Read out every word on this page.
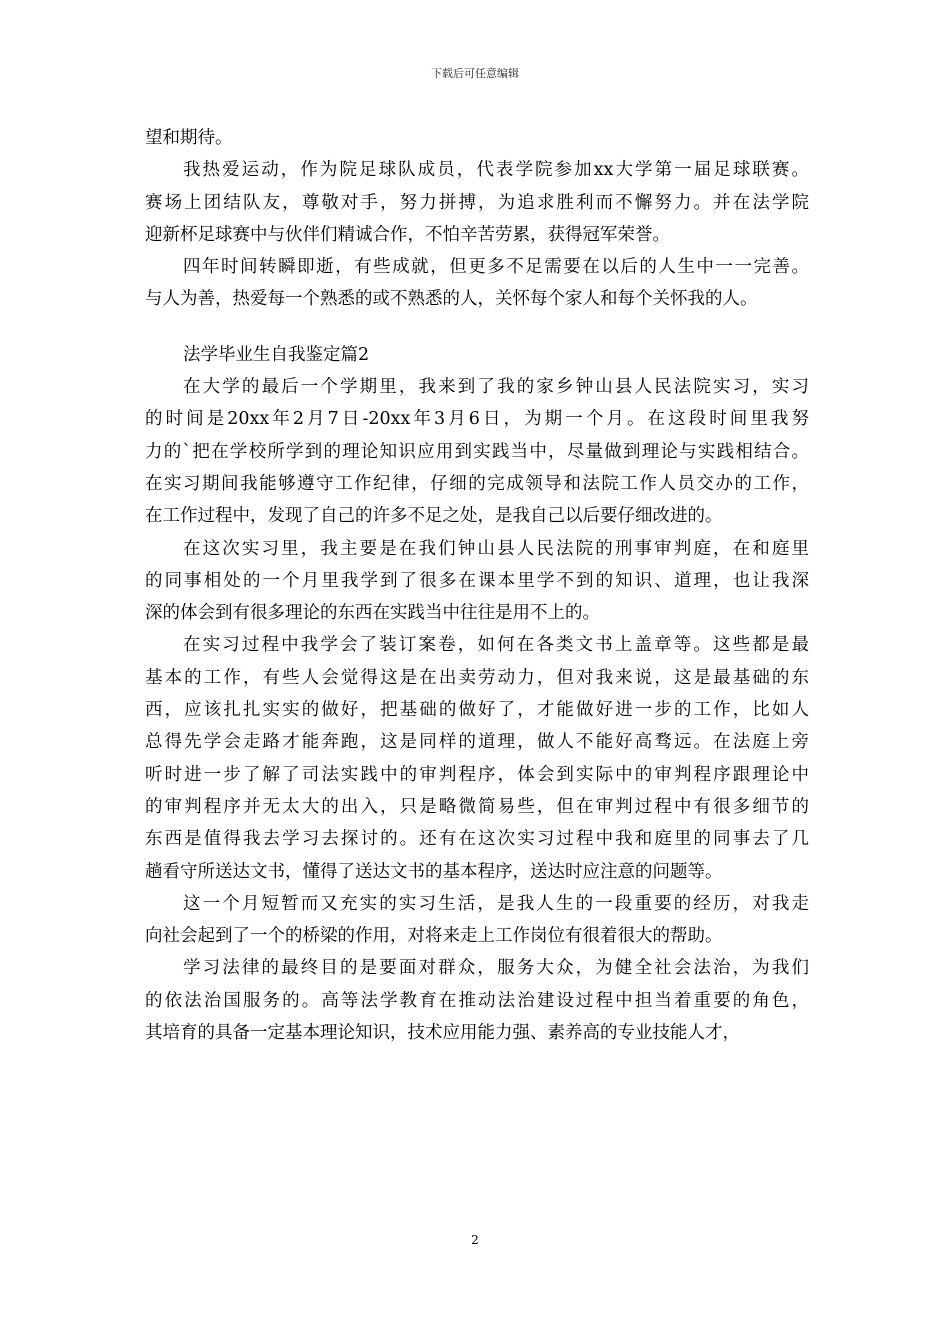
下载后可任意编辑
望和期待。
我热爱运动，作为院足球队成员，代表学院参加xx大学第一届足球联赛。
赛场上团结队友，尊敬对手，努力拼搏，为追求胜利而不懈努力。并在法学院
迎新杯足球赛中与伙伴们精诚合作，不怕辛苦劳累，获得冠军荣誉。
四年时间转瞬即逝，有些成就，但更多不足需要在以后的人生中一一完善。
与人为善，热爱每一个熟悉的或不熟悉的人，关怀每个家人和每个关怀我的人。
法学毕业生自我鉴定篇2
在大学的最后一个学期里，我来到了我的家乡钟山县人民法院实习，实习
的时间是20xx年2月7日-20xx年3月6日，为期一个月。在这段时间里我努
力的`把在学校所学到的理论知识应用到实践当中，尽量做到理论与实践相结合。
在实习期间我能够遵守工作纪律，仔细的完成领导和法院工作人员交办的工作，
在工作过程中，发现了自己的许多不足之处，是我自己以后要仔细改进的。
在这次实习里，我主要是在我们钟山县人民法院的刑事审判庭，在和庭里
的同事相处的一个月里我学到了很多在课本里学不到的知识、道理，也让我深
深的体会到有很多理论的东西在实践当中往往是用不上的。
在实习过程中我学会了装订案卷，如何在各类文书上盖章等。这些都是最
基本的工作，有些人会觉得这是在出卖劳动力，但对我来说，这是最基础的东
西，应该扎扎实实的做好，把基础的做好了，才能做好进一步的工作，比如人
总得先学会走路才能奔跑，这是同样的道理，做人不能好高骛远。在法庭上旁
听时进一步了解了司法实践中的审判程序，体会到实际中的审判程序跟理论中
的审判程序并无太大的出入，只是略微简易些，但在审判过程中有很多细节的
东西是值得我去学习去探讨的。还有在这次实习过程中我和庭里的同事去了几
趟看守所送达文书，懂得了送达文书的基本程序，送达时应注意的问题等。
这一个月短暂而又充实的实习生活，是我人生的一段重要的经历，对我走
向社会起到了一个的桥梁的作用，对将来走上工作岗位有很着很大的帮助。
学习法律的最终目的是要面对群众，服务大众，为健全社会法治，为我们
的依法治国服务的。高等法学教育在推动法治建设过程中担当着重要的角色，
其培育的具备一定基本理论知识，技术应用能力强、素养高的专业技能人才，
2
